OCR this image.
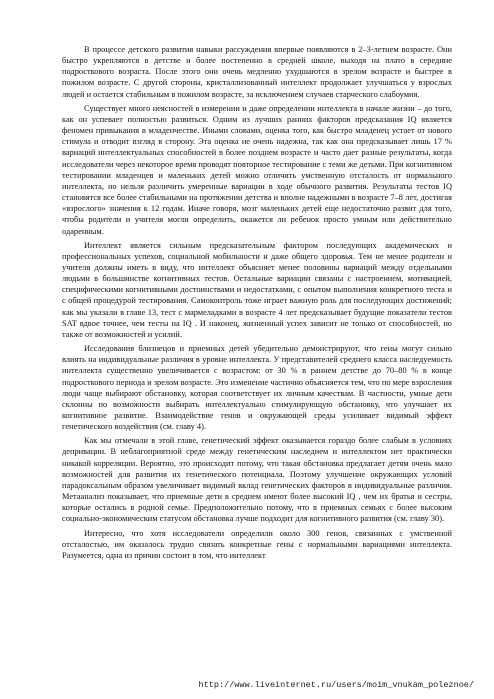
В процессе детского развития навыки рассуждения впервые появляются в 2–3-летнем возрасте. Они быстро укрепляются в детстве и более постепенно в средней школе, выходя на плато в середине подросткового возраста. После этого они очень медленно ухудшаются в зрелом возрасте и быстрее в пожилом возрасте. С другой стороны, кристаллизованный интеллект продолжает улучшаться у взрослых людей и остается стабильным в пожилом возрасте, за исключением случаев старческого слабоумия.

Существует много неясностей в измерении и даже определении интеллекта в начале жизни – до того, как он успевает полностью развиться. Одним из лучших ранних факторов предсказания IQ является феномен привыкания в младенчестве. Иными словами, оценка того, как быстро младенец устает от нового стимула и отводит взгляд в сторону. Эта оценка не очень надежна, так как она предсказывает лишь 17 % вариаций интеллектуальных способностей в более позднем возрасте и часто дает разные результаты, когда исследователи через некоторое время проводят повторное тестирование с теми же детьми. При когнитивном тестировании младенцев и маленьких детей можно отличить умственную отсталость от нормального интеллекта, но нельзя различить умеренные вариации в ходе обычного развития. Результаты тестов IQ становятся все более стабильными на протяжении детства и вполне надежными в возрасте 7–8 лет, достигая «взрослого» значения к 12 годам. Иначе говоря, мозг маленьких детей еще недостаточно развит для того, чтобы родители и учителя могли определить, окажется ли ребенок просто умным или действительно одаренным.

Интеллект является сильным предсказательным фактором последующих академических и профессиональных успехов, социальной мобильности и даже общего здоровья. Тем не менее родители и учителя должны иметь в виду, что интеллект объясняет менее половины вариаций между отдельными людьми в большинстве когнитивных тестов. Остальные вариации связаны с настроением, мотивацией, специфическими когнитивными достоинствами и недостатками, с опытом выполнения конкретного теста и с общей процедурой тестирования. Самоконтроль тоже играет важную роль для последующих достижений; как мы указали в главе 13, тест с мармеладками в возрасте 4 лет предсказывает будущие показатели тестов SAT вдвое точнее, чем тесты на IQ . И наконец, жизненный успех зависит не только от способностей, но также от возможностей и усилий.

Исследования близнецов и приемных детей убедительно демонстрируют, что гены могут сильно влиять на индивидуальные различия в уровне интеллекта. У представителей среднего класса наследуемость интеллекта существенно увеличивается с возрастом: от 30 % в раннем детстве до 70–80 % в конце подросткового периода и зрелом возрасте. Это изменение частично объясняется тем, что по мере взросления люди чаще выбирают обстановку, которая соответствует их личным качествам. В частности, умные дети склонны по возможности выбирать интеллектуально стимулирующую обстановку, что улучшает их когнитивное развитие. Взаимодействие генов и окружающей среды усиливает видимый эффект генетического воздействия (см. главу 4).

Как мы отмечали в этой главе, генетический эффект оказывается гораздо более слабым в условиях депривации. В неблагоприятной среде между генетическим наследием и интеллектом нет практически никакой корреляции. Вероятно, это происходит потому, что такая обстановка предлагает детям очень мало возможностей для развития их генетического потенциала. Поэтому улучшение окружающих условий парадоксальным образом увеличивает видимый вклад генетических факторов в индивидуальные различия. Метаанализ показывает, что приемные дети в среднем имеют более высокий IQ , чем их братья и сестры, которые остались в родной семье. Предположительно потому, что в приемных семьях с более высоким социально-экономическим статусом обстановка лучше подходит для когнитивного развития (см. главу 30).

Интересно, что хотя исследователи определили около 300 генов, связанных с умственной отсталостью, им оказалось трудно связать конкретные гены с нормальными вариациями интеллекта. Разумеется, одна из причин состоит в том, что интеллект

http://www.liveinternet.ru/users/moim_vnukam_poleznoe/
